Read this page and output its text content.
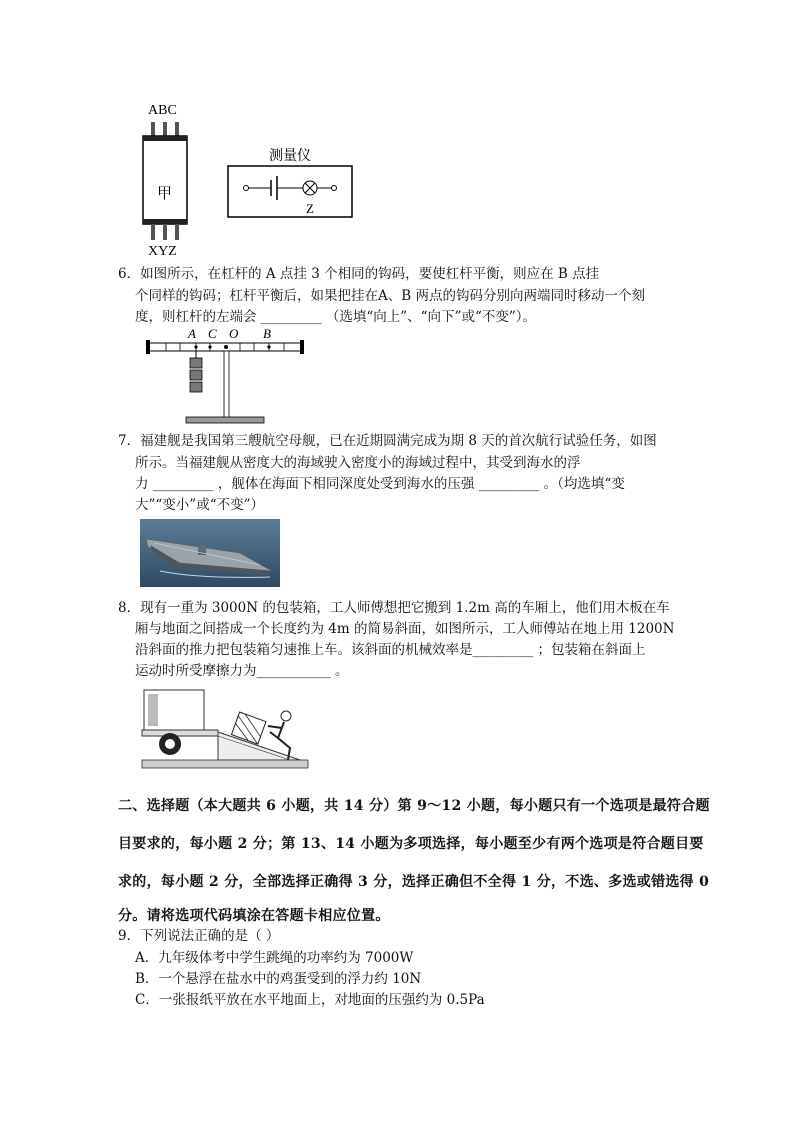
ABC
甲
XYZ
测量仪
Z
6．如图所示，在杠杆的 A 点挂 3 个相同的钩码，要使杠杆平衡，则应在 B 点挂
个同样的钩码；杠杆平衡后，如果把挂在A、B 两点的钩码分别向两端同时移动一个刻
度，则杠杆的左端会 _________ （选填“向上”、“向下”或“不变”）。
A C O B
7．福建舰是我国第三艘航空母舰，已在近期圆满完成为期 8 天的首次航行试验任务，如图
所示。当福建舰从密度大的海域驶入密度小的海域过程中，其受到海水的浮
力 _________ ，舰体在海面下相同深度处受到海水的压强 _________ 。（均选填“变
大”“变小”或“不变”）
8．现有一重为 3000N 的包装箱，工人师傅想把它搬到 1.2m 高的车厢上，他们用木板在车
厢与地面之间搭成一个长度约为 4m 的简易斜面，如图所示，工人师傅站在地上用 1200N
沿斜面的推力把包装箱匀速推上车。该斜面的机械效率是_________ ；包装箱在斜面上
运动时所受摩擦力为___________ 。
二、选择题（本大题共 6 小题，共 14 分）第 9～12 小题，每小题只有一个选项是最符合题
目要求的，每小题 2 分；第 13、14 小题为多项选择，每小题至少有两个选项是符合题目要
求的，每小题 2 分，全部选择正确得 3 分，选择正确但不全得 1 分，不选、多选或错选得 0
分。请将选项代码填涂在答题卡相应位置。
9．下列说法正确的是（ ）
A．九年级体考中学生跳绳的功率约为 7000W
B．一个悬浮在盐水中的鸡蛋受到的浮力约 10N
C．一张报纸平放在水平地面上，对地面的压强约为 0.5Pa
